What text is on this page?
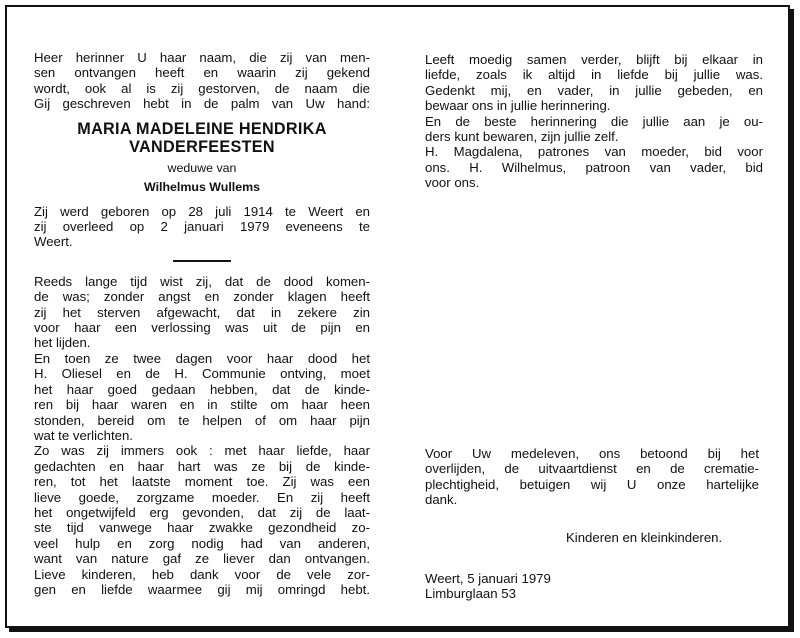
Heer herinner U haar naam, die zij van men-

sen ontvangen heeft en waarin zij gekend

wordt, ook al is zij gestorven, de naam die

Gij geschreven hebt in de palm van Uw hand:

MARIA MADELEINE HENDRIKA

VANDERFEESTEN

weduwe van

Wilhelmus Wullems

Zij werd geboren op 28 juli 1914 te Weert en

zij overleed op 2 januari 1979 eveneens te

Weert.

Reeds lange tijd wist zij, dat de dood komen-

de was; zonder angst en zonder klagen heeft

zij het sterven afgewacht, dat in zekere zin

voor haar een verlossing was uit de pijn en

het lijden.

En toen ze twee dagen voor haar dood het

H. Oliesel en de H. Communie ontving, moet

het haar goed gedaan hebben, dat de kinde-

ren bij haar waren en in stilte om haar heen

stonden, bereid om te helpen of om haar pijn

wat te verlichten.

Zo was zij immers ook : met haar liefde, haar

gedachten en haar hart was ze bij de kinde-

ren, tot het laatste moment toe. Zij was een

lieve goede, zorgzame moeder. En zij heeft

het ongetwijfeld erg gevonden, dat zij de laat-

ste tijd vanwege haar zwakke gezondheid zo-

veel hulp en zorg nodig had van anderen,

want van nature gaf ze liever dan ontvangen.

Lieve kinderen, heb dank voor de vele zor-

gen en liefde waarmee gij mij omringd hebt.

Leeft moedig samen verder, blijft bij elkaar in

liefde, zoals ik altijd in liefde bij jullie was.

Gedenkt mij, en vader, in jullie gebeden, en

bewaar ons in jullie herinnering.

En de beste herinnering die jullie aan je ou-

ders kunt bewaren, zijn jullie zelf.

H. Magdalena, patrones van moeder, bid voor

ons. H. Wilhelmus, patroon van vader, bid

voor ons.

Voor Uw medeleven, ons betoond bij het

overlijden, de uitvaartdienst en de crematie-

plechtigheid, betuigen wij U onze hartelijke

dank.

Kinderen en kleinkinderen.

Weert, 5 januari 1979

Limburglaan 53
